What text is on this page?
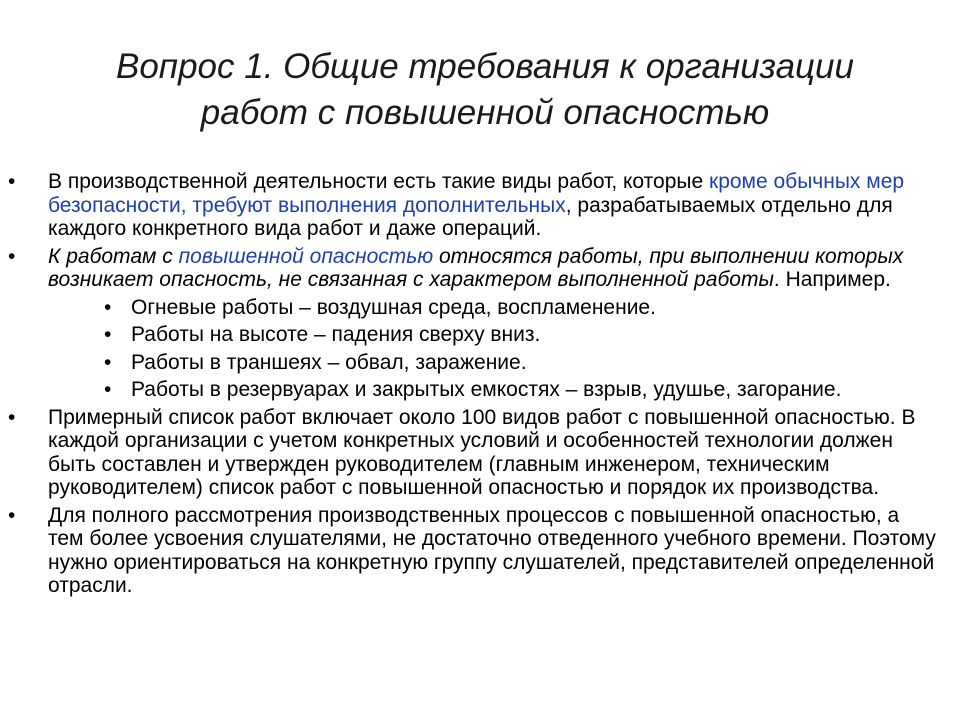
Вопрос 1. Общие требования к организации
работ с повышенной опасностью
• В производственной деятельности есть такие виды работ, которые кроме обычных мер безопасности, требуют выполнения дополнительных, разрабатываемых отдельно для каждого конкретного вида работ и даже операций.
• К работам с повышенной опасностью относятся работы, при выполнении которых возникает опасность, не связанная с характером выполненной работы. Например.
• Огневые работы – воздушная среда, воспламенение.
• Работы на высоте – падения сверху вниз.
• Работы в траншеях – обвал, заражение.
• Работы в резервуарах и закрытых емкостях – взрыв, удушье, загорание.
• Примерный список работ включает около 100 видов работ с повышенной опасностью. В каждой организации с учетом конкретных условий и особенностей технологии должен быть составлен и утвержден руководителем (главным инженером, техническим руководителем) список работ с повышенной опасностью и порядок их производства.
• Для полного рассмотрения производственных процессов с повышенной опасностью, а тем более усвоения слушателями, не достаточно отведенного учебного времени. Поэтому нужно ориентироваться на конкретную группу слушателей, представителей определенной отрасли.
